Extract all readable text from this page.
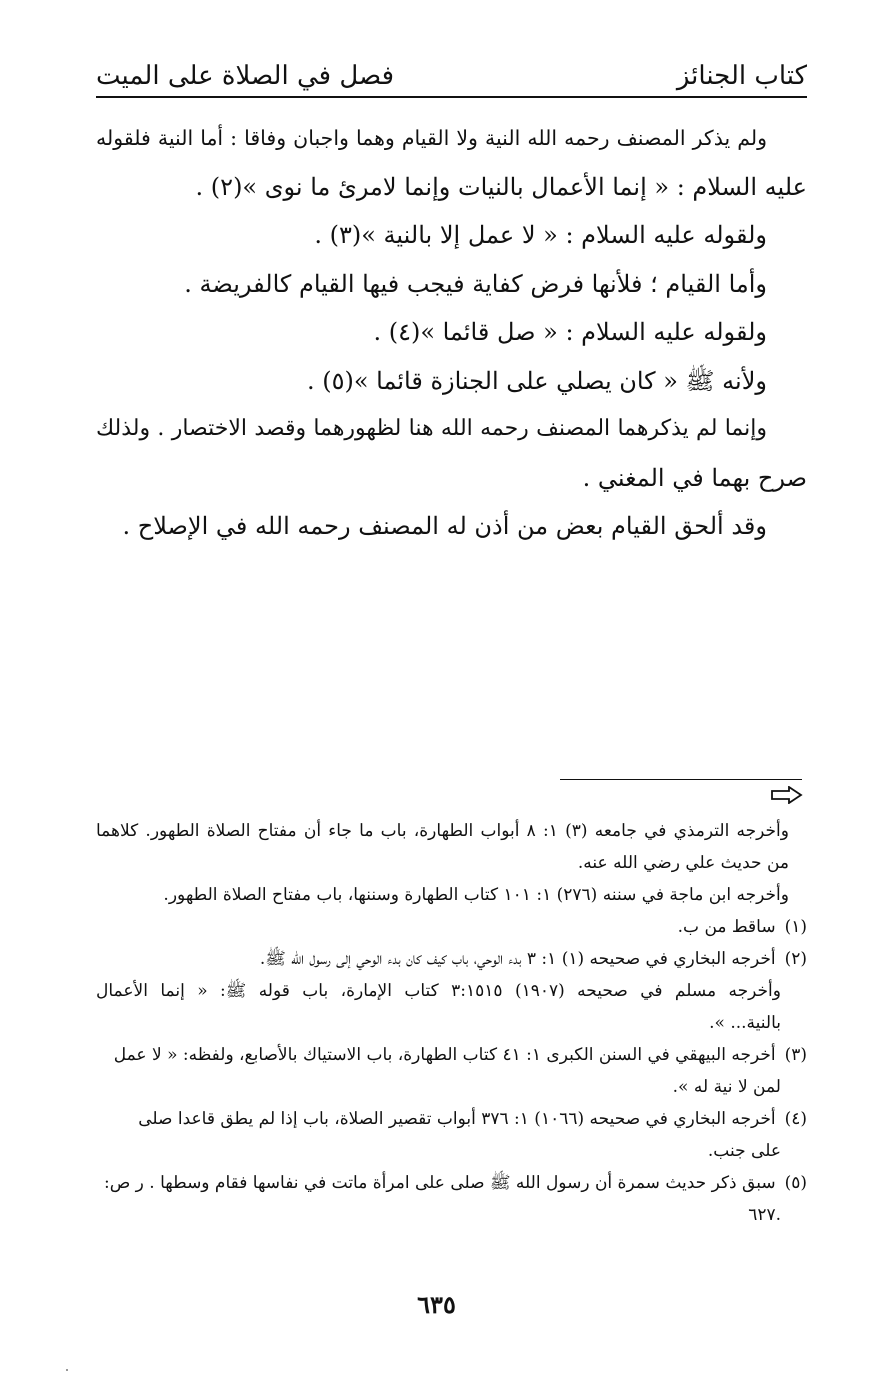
كتاب الجنائز
فصل في الصلاة على الميت
ولم يذكر المصنف رحمه الله النية ولا القيام وهما واجبان وفاقا : أما النية فلقوله
عليه السلام : « إنما الأعمال بالنيات وإنما لامرئ ما نوى »(٢) .
ولقوله عليه السلام : « لا عمل إلا بالنية »(٣) .
وأما القيام ؛ فلأنها فرض كفاية فيجب فيها القيام كالفريضة .
ولقوله عليه السلام : « صل قائما »(٤) .
ولأنه ﷺ « كان يصلي على الجنازة قائما »(٥) .
وإنما لم يذكرهما المصنف رحمه الله هنا لظهورهما وقصد الاختصار . ولذلك
صرح بهما في المغني .
وقد ألحق القيام بعض من أذن له المصنف رحمه الله في الإصلاح .
وأخرجه الترمذي في جامعه (٣) ١: ٨ أبواب الطهارة، باب ما جاء أن مفتاح الصلاة الطهور. كلاهما
من حديث علي رضي الله عنه.
وأخرجه ابن ماجة في سننه (٢٧٦) ١: ١٠١ كتاب الطهارة وسننها، باب مفتاح الصلاة الطهور.
(١) ساقط من ب.
(٢) أخرجه البخاري في صحيحه (١) ١: ٣ بدء الوحي، باب كيف كان بدء الوحي إلى رسول الله ﷺ.
وأخرجه مسلم في صحيحه (١٩٠٧) ٣:١٥١٥ كتاب الإمارة، باب قوله ﷺ: « إنما الأعمال
بالنية... ».
(٣) أخرجه البيهقي في السنن الكبرى ١: ٤١ كتاب الطهارة، باب الاستياك بالأصابع، ولفظه: « لا عمل
لمن لا نية له ».
(٤) أخرجه البخاري في صحيحه (١٠٦٦) ١: ٣٧٦ أبواب تقصير الصلاة، باب إذا لم يطق قاعدا صلى
على جنب.
(٥) سبق ذكر حديث سمرة أن رسول الله ﷺ صلى على امرأة ماتت في نفاسها فقام وسطها . ر ص:
.٦٢٧
٦٣٥
